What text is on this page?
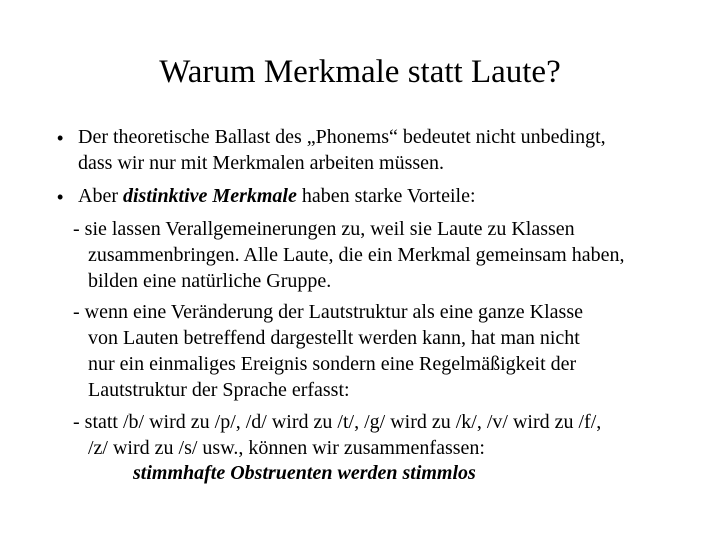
Warum Merkmale statt Laute?
• Der theoretische Ballast des „Phonems“ bedeutet nicht unbedingt,
dass wir nur mit Merkmalen arbeiten müssen.
• Aber distinktive Merkmale haben starke Vorteile:
- sie lassen Verallgemeinerungen zu, weil sie Laute zu Klassen
zusammenbringen. Alle Laute, die ein Merkmal gemeinsam haben,
bilden eine natürliche Gruppe.
- wenn eine Veränderung der Lautstruktur als eine ganze Klasse
von Lauten betreffend dargestellt werden kann, hat man nicht
nur ein einmaliges Ereignis sondern eine Regelmäßigkeit der
Lautstruktur der Sprache erfasst:
- statt /b/ wird zu /p/, /d/ wird zu /t/, /g/ wird zu /k/, /v/ wird zu /f/,
/z/ wird zu /s/ usw., können wir zusammenfassen:
stimmhafte Obstruenten werden stimmlos
